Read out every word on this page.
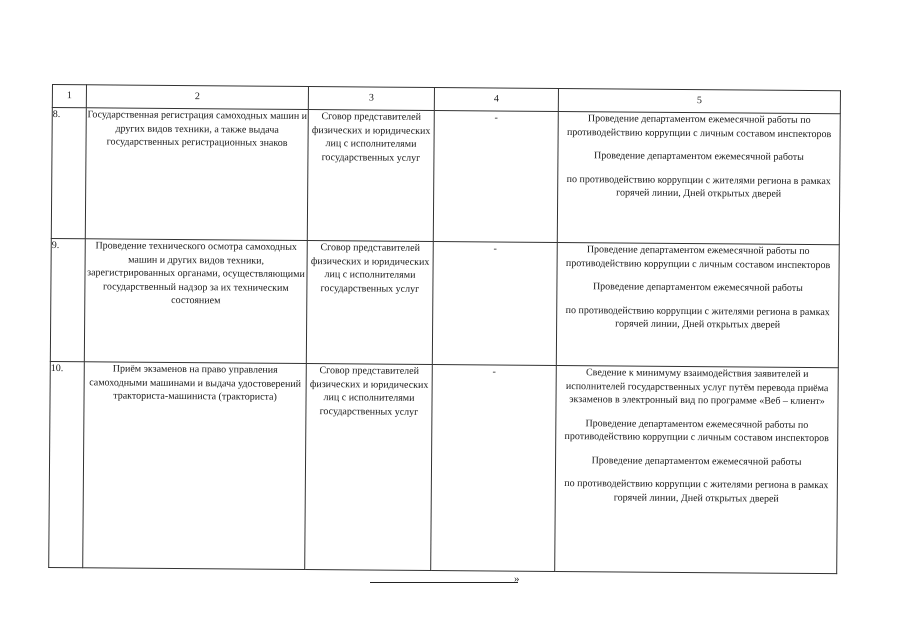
1	2	3	4	5
8.	Государственная регистрация самоходных машин и других видов техники, а также выдача государственных регистрационных знаков	Сговор представителей физических и юридических лиц с исполнителями государственных услуг	-	Проведение департаментом ежемесячной работы по противодействию коррупции с личным составом инспекторов

Проведение департаментом ежемесячной работы

по противодействию коррупции с жителями региона в рамках горячей линии, Дней открытых дверей

9.	Проведение технического осмотра самоходных машин и других видов техники, зарегистрированных органами, осуществляющими государственный надзор за их техническим состоянием	Сговор представителей физических и юридических лиц с исполнителями государственных услуг	-	Проведение департаментом ежемесячной работы по противодействию коррупции с личным составом инспекторов

Проведение департаментом ежемесячной работы

по противодействию коррупции с жителями региона в рамках горячей линии, Дней открытых дверей

10.	Приём экзаменов на право управления самоходными машинами и выдача удостоверений тракториста-машиниста (тракториста)	Сговор представителей физических и юридических лиц с исполнителями государственных услуг	-	Сведение к минимуму взаимодействия заявителей и исполнителей государственных услуг путём перевода приёма экзаменов в электронный вид по программе «Веб – клиент»

Проведение департаментом ежемесячной работы по противодействию коррупции с личным составом инспекторов

Проведение департаментом ежемесячной работы

по противодействию коррупции с жителями региона в рамках горячей линии, Дней открытых дверей

»
